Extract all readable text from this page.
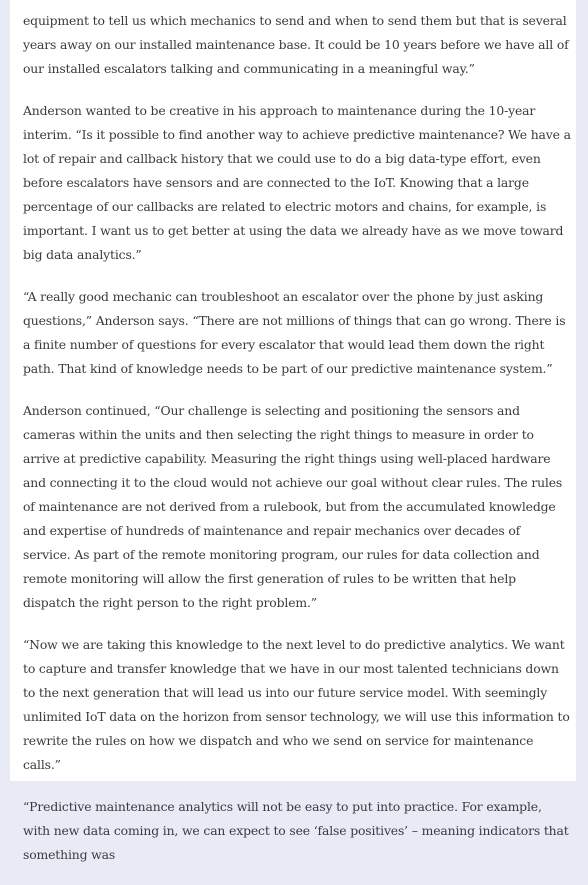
equipment to tell us which mechanics to send and when to send them but that is several years away on our installed maintenance base. It could be 10 years before we have all of our installed escalators talking and communicating in a meaningful way.”

Anderson wanted to be creative in his approach to maintenance during the 10-year interim. “Is it possible to find another way to achieve predictive maintenance? We have a lot of repair and callback history that we could use to do a big data-type effort, even before escalators have sensors and are connected to the IoT. Knowing that a large percentage of our callbacks are related to electric motors and chains, for example, is important. I want us to get better at using the data we already have as we move toward big data analytics.”

“A really good mechanic can troubleshoot an escalator over the phone by just asking questions,” Anderson says. “There are not millions of things that can go wrong. There is a finite number of questions for every escalator that would lead them down the right path. That kind of knowledge needs to be part of our predictive maintenance system.”

Anderson continued, “Our challenge is selecting and positioning the sensors and cameras within the units and then selecting the right things to measure in order to arrive at predictive capability. Measuring the right things using well-placed hardware and connecting it to the cloud would not achieve our goal without clear rules. The rules of maintenance are not derived from a rulebook, but from the accumulated knowledge and expertise of hundreds of maintenance and repair mechanics over decades of service. As part of the remote monitoring program, our rules for data collection and remote monitoring will allow the first generation of rules to be written that help dispatch the right person to the right problem.”

“Now we are taking this knowledge to the next level to do predictive analytics. We want to capture and transfer knowledge that we have in our most talented technicians down to the next generation that will lead us into our future service model. With seemingly unlimited IoT data on the horizon from sensor technology, we will use this information to rewrite the rules on how we dispatch and who we send on service for maintenance calls.”

“Predictive maintenance analytics will not be easy to put into practice. For example, with new data coming in, we can expect to see ‘false positives’ – meaning indicators that something was
